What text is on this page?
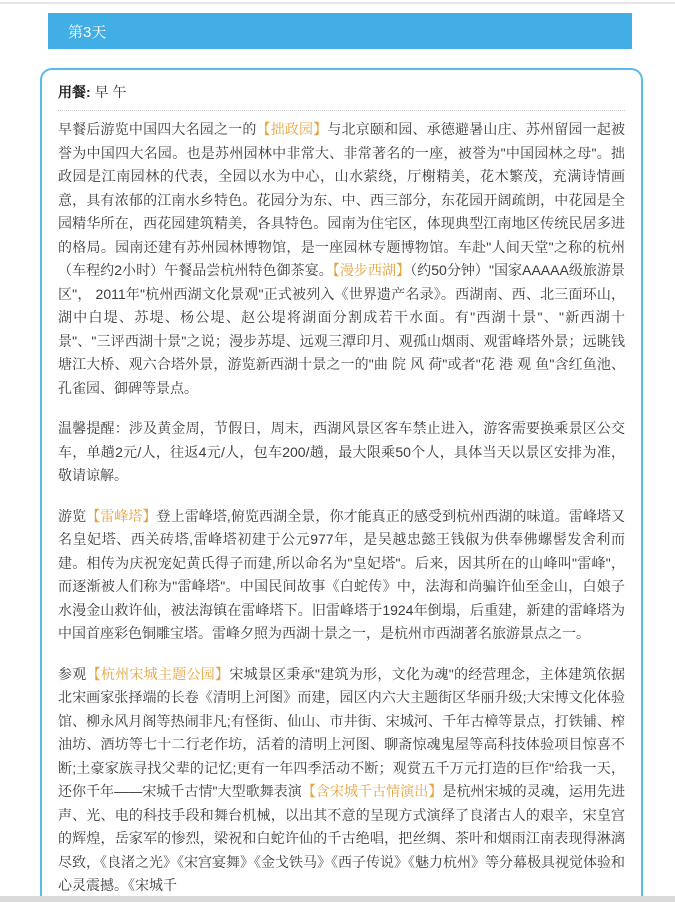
第3天
用餐: 早 午

早餐后游览中国四大名园之一的【拙政园】与北京颐和园、承德避暑山庄、苏州留园一起被誉为中国四大名园。也是苏州园林中非常大、非常著名的一座，被誉为"中国园林之母"。拙政园是江南园林的代表，全园以水为中心，山水萦绕，厅榭精美，花木繁茂，充满诗情画意，具有浓郁的江南水乡特色。花园分为东、中、西三部分，东花园开阔疏朗，中花园是全园精华所在，西花园建筑精美，各具特色。园南为住宅区，体现典型江南地区传统民居多进的格局。园南还建有苏州园林博物馆，是一座园林专题博物馆。车赴"人间天堂"之称的杭州（车程约2小时）午餐品尝杭州特色御茶宴。【漫步西湖】（约50分钟）"国家AAAAA级旅游景区"， 2011年"杭州西湖文化景观"正式被列入《世界遗产名录》。西湖南、西、北三面环山，湖中白堤、苏堤、杨公堤、赵公堤将湖面分割成若干水面。有"西湖十景"、"新西湖十景"、"三评西湖十景"之说；漫步苏堤、远观三潭印月、观孤山烟雨、观雷峰塔外景；远眺钱塘江大桥、观六合塔外景，游览新西湖十景之一的"曲 院 风 荷"或者"花 港 观 鱼"含红鱼池、孔雀园、御碑等景点。

温馨提醒：涉及黄金周，节假日，周末，西湖风景区客车禁止进入，游客需要换乘景区公交车，单趟2元/人，往返4元/人，包车200/趟，最大限乘50个人，具体当天以景区安排为准，敬请谅解。

游览【雷峰塔】登上雷峰塔,俯览西湖全景，你才能真正的感受到杭州西湖的味道。雷峰塔又名皇妃塔、西关砖塔,雷峰塔初建于公元977年，是吴越忠懿王钱俶为供奉佛螺髻发舍利而建。相传为庆祝宠妃黄氏得子而建,所以命名为"皇妃塔"。后来，因其所在的山峰叫"雷峰"，而逐渐被人们称为"雷峰塔"。中国民间故事《白蛇传》中，法海和尚骗许仙至金山，白娘子水漫金山救许仙，被法海镇在雷峰塔下。旧雷峰塔于1924年倒塌，后重建，新建的雷峰塔为中国首座彩色铜雕宝塔。雷峰夕照为西湖十景之一，是杭州市西湖著名旅游景点之一。

参观【杭州宋城主题公园】宋城景区秉承"建筑为形，文化为魂"的经营理念，主体建筑依据北宋画家张择端的长卷《清明上河图》而建，园区内六大主题街区华丽升级;大宋博文化体验馆、柳永风月阁等热闹非凡;有怪街、仙山、市井街、宋城河、千年古樟等景点，打铁铺、榨油坊、酒坊等七十二行老作坊，活着的清明上河图、聊斋惊魂鬼屋等高科技体验项目惊喜不断;土豪家族寻找父辈的记忆;更有一年四季活动不断；观赏五千万元打造的巨作"给我一天，还你千年——宋城千古情"大型歌舞表演【含宋城千古情演出】是杭州宋城的灵魂，运用先进声、光、电的科技手段和舞台机械，以出其不意的呈现方式演绎了良渚古人的艰辛，宋皇宫的辉煌，岳家军的惨烈，梁祝和白蛇许仙的千古绝唱，把丝绸、茶叶和烟雨江南表现得淋漓尽致，《良渚之光》《宋宫宴舞》《金戈铁马》《西子传说》《魅力杭州》等分幕极具视觉体验和心灵震撼。《宋城千
